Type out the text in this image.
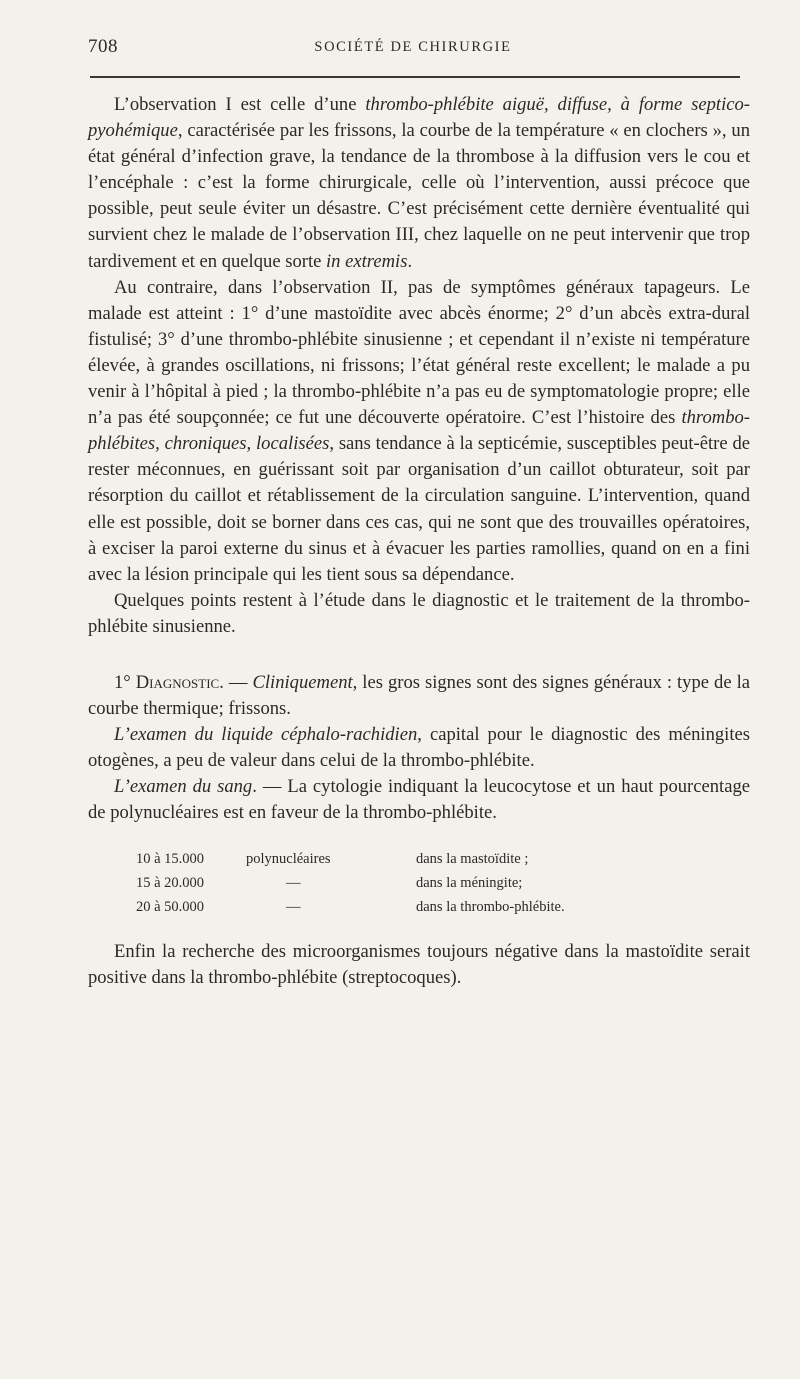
708	SOCIÉTÉ DE CHIRURGIE

L’observation I est celle d’une thrombo-phlébite aiguë, diffuse, à forme septico-pyohémique, caractérisée par les frissons, la courbe de la température « en clochers », un état général d’infection grave, la tendance de la thrombose à la diffusion vers le cou et l’encéphale : c’est la forme chirurgicale, celle où l’intervention, aussi précoce que possible, peut seule éviter un désastre. C’est précisément cette dernière éventualité qui survient chez le malade de l’observation III, chez laquelle on ne peut intervenir que trop tardivement et en quelque sorte in extremis.

Au contraire, dans l’observation II, pas de symptômes généraux tapageurs. Le malade est atteint : 1° d’une mastoïdite avec abcès énorme; 2° d’un abcès extra-dural fistulisé; 3° d’une thrombo-phlébite sinusienne ; et cependant il n’existe ni température élevée, à grandes oscillations, ni frissons; l’état général reste excellent; le malade a pu venir à l’hôpital à pied ; la thrombo-phlébite n’a pas eu de symptomatologie propre; elle n’a pas été soupçonnée; ce fut une découverte opératoire. C’est l’histoire des thrombo-phlébites, chroniques, localisées, sans tendance à la septicémie, susceptibles peut-être de rester méconnues, en guérissant soit par organisation d’un caillot obturateur, soit par résorption du caillot et rétablissement de la circulation sanguine. L’intervention, quand elle est possible, doit se borner dans ces cas, qui ne sont que des trouvailles opératoires, à exciser la paroi externe du sinus et à évacuer les parties ramollies, quand on en a fini avec la lésion principale qui les tient sous sa dépendance.

Quelques points restent à l’étude dans le diagnostic et le traitement de la thrombo-phlébite sinusienne.

1° Diagnostic. — Cliniquement, les gros signes sont des signes généraux : type de la courbe thermique; frissons.

L’examen du liquide céphalo-rachidien, capital pour le diagnostic des méningites otogènes, a peu de valeur dans celui de la thrombo-phlébite.

L’examen du sang. — La cytologie indiquant la leucocytose et un haut pourcentage de polynucléaires est en faveur de la thrombo-phlébite.

10 à 15.000	polynucléaires	dans la mastoïdite ;
15 à 20.000	—	dans la méningite;
20 à 50.000	—	dans la thrombo-phlébite.

Enfin la recherche des microorganismes toujours négative dans la mastoïdite serait positive dans la thrombo-phlébite (streptocoques).
